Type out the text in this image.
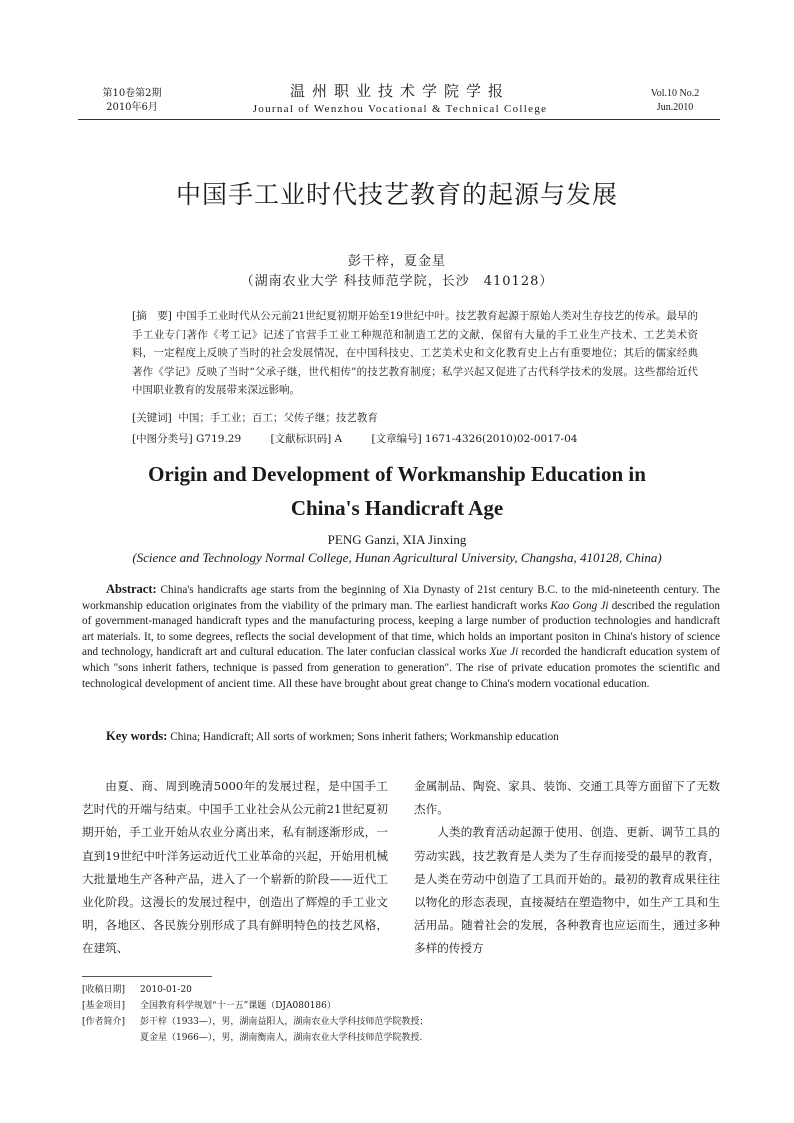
第10卷第2期
2010年6月
温州职业技术学院学报
Journal of Wenzhou Vocational & Technical College
Vol.10 No.2
Jun.2010
中国手工业时代技艺教育的起源与发展
彭干梓，夏金星
（湖南农业大学 科技师范学院，长沙　410128）
[摘　要] 中国手工业时代从公元前21世纪夏初期开始至19世纪中叶。技艺教育起源于原始人类对生存技艺的传承。最早的手工业专门著作《考工记》记述了官营手工业工种规范和制造工艺的文献，保留有大量的手工业生产技术、工艺美术资料，一定程度上反映了当时的社会发展情况，在中国科技史、工艺美术史和文化教育史上占有重要地位；其后的儒家经典著作《学记》反映了当时“父承子继，世代相传”的技艺教育制度；私学兴起又促进了古代科学技术的发展。这些都给近代中国职业教育的发展带来深远影响。
[关键词] 中国；手工业；百工；父传子继；技艺教育
[中图分类号] G719.29	[文献标识码] A	[文章编号] 1671-4326(2010)02-0017-04
Origin and Development of Workmanship Education in
China's Handicraft Age
PENG Ganzi, XIA Jinxing
(Science and Technology Normal College, Hunan Agricultural University, Changsha, 410128, China)
Abstract: China's handicrafts age starts from the beginning of Xia Dynasty of 21st century B.C. to the mid-nineteenth century. The workmanship education originates from the viability of the primary man. The earliest handicraft works Kao Gong Ji described the regulation of government-managed handicraft types and the manufacturing process, keeping a large number of production technologies and handicraft art materials. It, to some degrees, reflects the social development of that time, which holds an important positon in China's history of science and technology, handicraft art and cultural education. The later confucian classical works Xue Ji recorded the handicraft education system of which "sons inherit fathers, technique is passed from generation to generation". The rise of private education promotes the scientific and technological development of ancient time. All these have brought about great change to China's modern vocational education.
Key words: China; Handicraft; All sorts of workmen; Sons inherit fathers; Workmanship education

由夏、商、周到晚清5000年的发展过程，是中国手工艺时代的开端与结束。中国手工业社会从公元前21世纪夏初期开始，手工业开始从农业分离出来，私有制逐渐形成，一直到19世纪中叶洋务运动近代工业革命的兴起，开始用机械大批量地生产各种产品，进入了一个崭新的阶段——近代工业化阶段。这漫长的发展过程中，创造出了辉煌的手工业文明，各地区、各民族分别形成了具有鲜明特色的技艺风格，在建筑、

金属制品、陶瓷、家具、装饰、交通工具等方面留下了无数杰作。

人类的教育活动起源于使用、创造、更新、调节工具的劳动实践，技艺教育是人类为了生存而接受的最早的教育，是人类在劳动中创造了工具而开始的。最初的教育成果往往以物化的形态表现，直接凝结在塑造物中，如生产工具和生活用品。随着社会的发展，各种教育也应运而生，通过多种多样的传授方

[收稿日期]	2010-01-20
[基金项目]	全国教育科学规划“十一五”课题（DJA080186）
[作者简介]	彭干梓（1933—），男，湖南益阳人，湖南农业大学科技师范学院教授；
夏金星（1966—），男，湖南衡南人，湖南农业大学科技师范学院教授.
